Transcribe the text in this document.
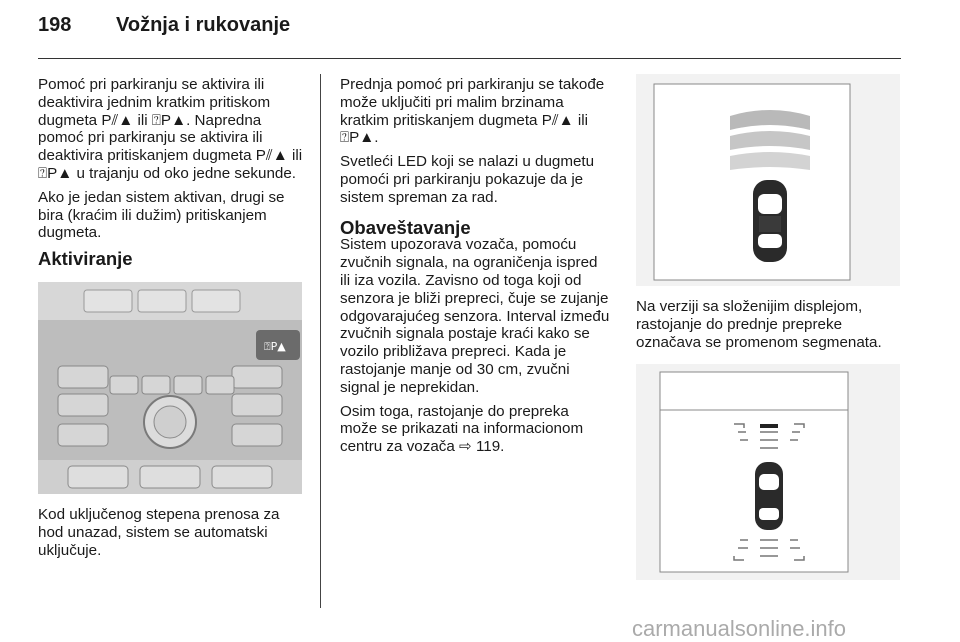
198 Vožnja i rukovanje

Pomoć pri parkiranju se aktivira ili deaktivira jednim kratkim pritiskom dugmeta P⫽▲ ili ⍰P▲. Napredna pomoć pri parkiranju se aktivira ili deaktivira pritiskanjem dugmeta P⫽▲ ili ⍰P▲ u trajanju od oko jedne sekunde.

Ako je jedan sistem aktivan, drugi se bira (kraćim ili dužim) pritiskanjem dugmeta.

Aktiviranje
⍰P▲

Kod uključenog stepena prenosa za hod unazad, sistem se automatski uključuje.

Prednja pomoć pri parkiranju se takođe može uključiti pri malim brzinama kratkim pritiskanjem dugmeta P⫽▲ ili ⍰P▲.

Svetleći LED koji se nalazi u dugmetu pomoći pri parkiranju pokazuje da je sistem spreman za rad.

Obaveštavanje

Sistem upozorava vozača, pomoću zvučnih signala, na ograničenja ispred ili iza vozila. Zavisno od toga koji od senzora je bliži prepreci, čuje se zujanje odgovarajućeg senzora. Interval između zvučnih signala postaje kraći kako se vozilo približava prepreci. Kada je rastojanje manje od 30 cm, zvučni signal je neprekidan.

Osim toga, rastojanje do prepreka može se prikazati na informacionom centru za vozača ⇨ 119.

Na verziji sa složenijim displejom, rastojanje do prednje prepreke označava se promenom segmenata.

carmanualsonline.info
